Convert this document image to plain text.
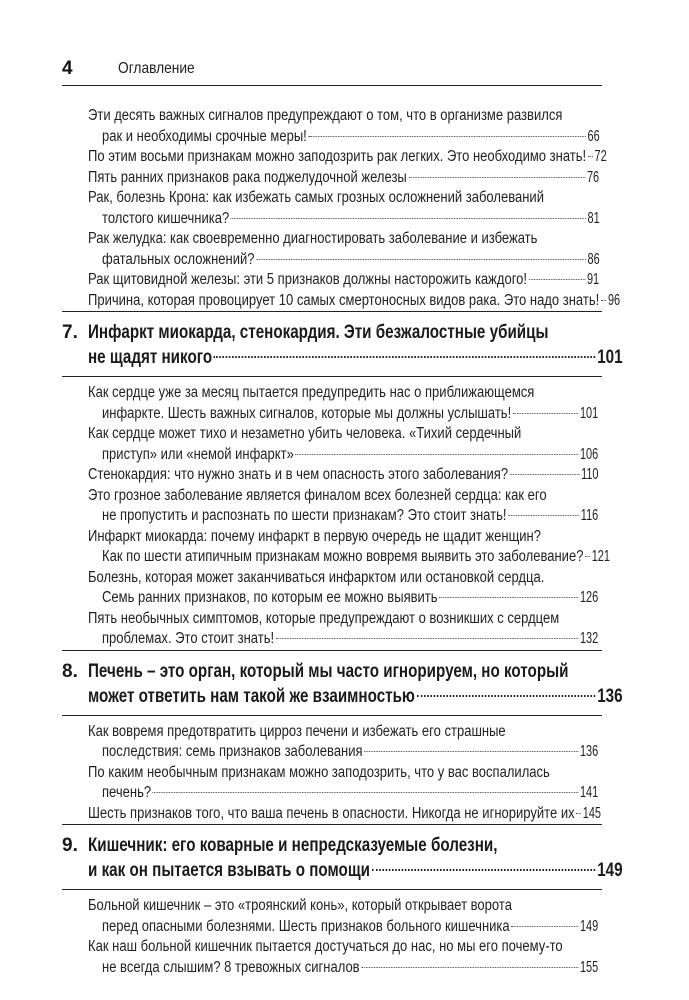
4	Оглавление
Эти десять важных сигналов предупреждают о том, что в организме развился
рак и необходимы срочные меры!	66
По этим восьми признакам можно заподозрить рак легких. Это необходимо знать! 72
Пять ранних признаков рака поджелудочной железы	76
Рак, болезнь Крона: как избежать самых грозных осложнений заболеваний
толстого кишечника?	81
Рак желудка: как своевременно диагностировать заболевание и избежать
фатальных осложнений?	86
Рак щитовидной железы: эти 5 признаков должны насторожить каждого!	91
Причина, которая провоцирует 10 самых смертоносных видов рака. Это надо знать! 96
7. Инфаркт миокарда, стенокардия. Эти безжалостные убийцы
не щадят никого	101
Как сердце уже за месяц пытается предупредить нас о приближающемся
инфаркте. Шесть важных сигналов, которые мы должны услышать!	101
Как сердце может тихо и незаметно убить человека. «Тихий сердечный
приступ» или «немой инфаркт»	106
Стенокардия: что нужно знать и в чем опасность этого заболевания?	110
Это грозное заболевание является финалом всех болезней сердца: как его
не пропустить и распознать по шести признакам? Это стоит знать!	116
Инфаркт миокарда: почему инфаркт в первую очередь не щадит женщин?
Как по шести атипичным признакам можно вовремя выявить это заболевание? 121
Болезнь, которая может заканчиваться инфарктом или остановкой сердца.
Семь ранних признаков, по которым ее можно выявить	126
Пять необычных симптомов, которые предупреждают о возникших с сердцем
проблемах. Это стоит знать!	132
8. Печень – это орган, который мы часто игнорируем, но который
может ответить нам такой же взаимностью	136
Как вовремя предотвратить цирроз печени и избежать его страшные
последствия: семь признаков заболевания	136
По каким необычным признакам можно заподозрить, что у вас воспалилась
печень?	141
Шесть признаков того, что ваша печень в опасности. Никогда не игнорируйте их 145
9. Кишечник: его коварные и непредсказуемые болезни,
и как он пытается взывать о помощи	149
Больной кишечник – это «троянский конь», который открывает ворота
перед опасными болезнями. Шесть признаков больного кишечника	149
Как наш больной кишечник пытается достучаться до нас, но мы его почему-то
не всегда слышим? 8 тревожных сигналов	155
